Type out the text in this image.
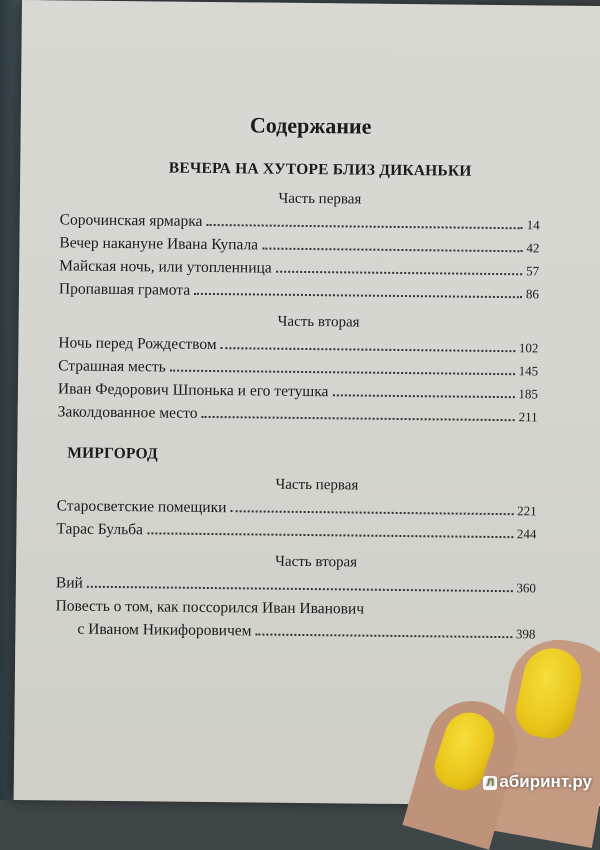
Содержание
ВЕЧЕРА НА ХУТОРЕ БЛИЗ ДИКАНЬКИ
Часть первая
Сорочинская ярмарка	14
Вечер накануне Ивана Купала	42
Майская ночь, или утопленница	57
Пропавшая грамота	86
Часть вторая
Ночь перед Рождеством	102
Страшная месть	145
Иван Федорович Шпонька и его тетушка	185
Заколдованное место	211
МИРГОРОД
Часть первая
Старосветские помещики	221
Тарас Бульба	244
Часть вторая
Вий	360
Повесть о том, как поссорился Иван Иванович
с Иваном Никифоровичем	398
Л абиринт.ру
